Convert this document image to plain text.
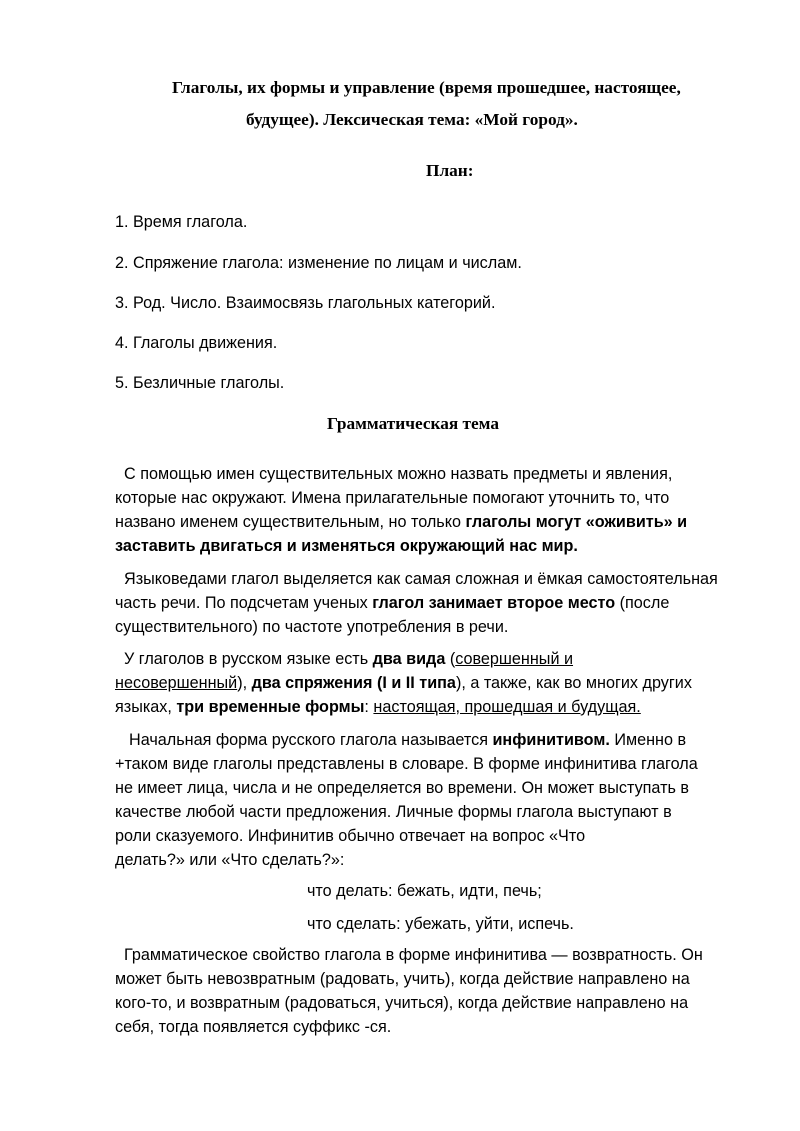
Глаголы, их формы и управление (время прошедшее, настоящее,
будущее). Лексическая тема: «Мой город».
План:
1. Время глагола.
2. Спряжение глагола: изменение по лицам и числам.
3. Род. Число. Взаимосвязь глагольных категорий.
4. Глаголы движения.
5. Безличные глаголы.
Грамматическая тема
С помощью имен существительных можно назвать предметы и явления,
которые нас окружают. Имена прилагательные помогают уточнить то, что
названо именем существительным, но только глаголы могут «оживить» и
заставить двигаться и изменяться окружающий нас мир.
Языковедами глагол выделяется как самая сложная и ёмкая самостоятельная
часть речи. По подсчетам ученых глагол занимает второе место (после
существительного) по частоте употребления в речи.
У глаголов в русском языке есть два вида (совершенный и
несовершенный), два спряжения (I и II типа), а также, как во многих других
языках, три временные формы: настоящая, прошедшая и будущая.
Начальная форма русского глагола называется инфинитивом. Именно в
+таком виде глаголы представлены в словаре. В форме инфинитива глагола
не имеет лица, числа и не определяется во времени. Он может выступать в
качестве любой части предложения. Личные формы глагола выступают в
роли сказуемого. Инфинитив обычно отвечает на вопрос «Что
делать?» или «Что сделать?»:
что делать: бежать, идти, печь;
что сделать: убежать, уйти, испечь.
Грамматическое свойство глагола в форме инфинитива — возвратность. Он
может быть невозвратным (радовать, учить), когда действие направлено на
кого-то, и возвратным (радоваться, учиться), когда действие направлено на
себя, тогда появляется суффикс -ся.
